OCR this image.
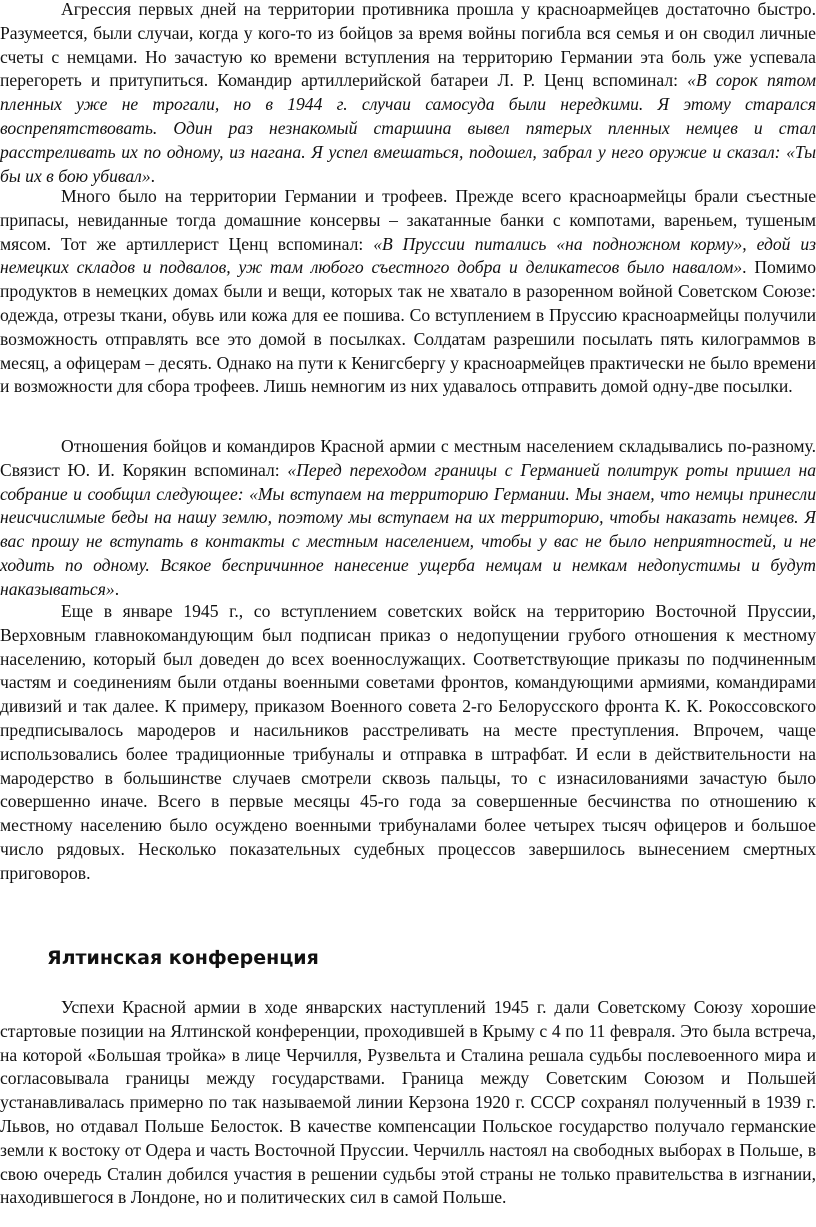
Агрессия первых дней на территории противника прошла у красноармейцев достаточно быстро. Разумеется, были случаи, когда у кого-то из бойцов за время войны погибла вся семья и он сводил личные счеты с немцами. Но зачастую ко времени вступления на территорию Германии эта боль уже успевала перегореть и притупиться. Командир артиллерийской батареи Л. Р. Ценц вспоминал: «В сорок пятом пленных уже не трогали, но в 1944 г. случаи самосуда были нередкими. Я этому старался воспрепятствовать. Один раз незнакомый старшина вывел пятерых пленных немцев и стал расстреливать их по одному, из нагана. Я успел вмешаться, подошел, забрал у него оружие и сказал: «Ты бы их в бою убивал».

Много было на территории Германии и трофеев. Прежде всего красноармейцы брали съестные припасы, невиданные тогда домашние консервы – закатанные банки с компотами, вареньем, тушеным мясом. Тот же артиллерист Ценц вспоминал: «В Пруссии питались «на подножном корму», едой из немецких складов и подвалов, уж там любого съестного добра и деликатесов было навалом». Помимо продуктов в немецких домах были и вещи, которых так не хватало в разоренном войной Советском Союзе: одежда, отрезы ткани, обувь или кожа для ее пошива. Со вступлением в Пруссию красноармейцы получили возможность отправлять все это домой в посылках. Солдатам разрешили посылать пять килограммов в месяц, а офицерам – десять. Однако на пути к Кенигсбергу у красноармейцев практически не было времени и возможности для сбора трофеев. Лишь немногим из них удавалось отправить домой одну-две посылки.

Отношения бойцов и командиров Красной армии с местным населением складывались по-разному. Связист Ю. И. Корякин вспоминал: «Перед переходом границы с Германией политрук роты пришел на собрание и сообщил следующее: «Мы вступаем на территорию Германии. Мы знаем, что немцы принесли неисчислимые беды на нашу землю, поэтому мы вступаем на их территорию, чтобы наказать немцев. Я вас прошу не вступать в контакты с местным населением, чтобы у вас не было неприятностей, и не ходить по одному. Всякое беспричинное нанесение ущерба немцам и немкам недопустимы и будут наказываться».

Еще в январе 1945 г., со вступлением советских войск на территорию Восточной Пруссии, Верховным главнокомандующим был подписан приказ о недопущении грубого отношения к местному населению, который был доведен до всех военнослужащих. Соответствующие приказы по подчиненным частям и соединениям были отданы военными советами фронтов, командующими армиями, командирами дивизий и так далее. К примеру, приказом Военного совета 2-го Белорусского фронта К. К. Рокоссовского предписывалось мародеров и насильников расстреливать на месте преступления. Впрочем, чаще использовались более традиционные трибуналы и отправка в штрафбат. И если в действительности на мародерство в большинстве случаев смотрели сквозь пальцы, то с изнасилованиями зачастую было совершенно иначе. Всего в первые месяцы 45-го года за совершенные бесчинства по отношению к местному населению было осуждено военными трибуналами более четырех тысяч офицеров и большое число рядовых. Несколько показательных судебных процессов завершилось вынесением смертных приговоров.

Ялтинская конференция

Успехи Красной армии в ходе январских наступлений 1945 г. дали Советскому Союзу хорошие стартовые позиции на Ялтинской конференции, проходившей в Крыму с 4 по 11 февраля. Это была встреча, на которой «Большая тройка» в лице Черчилля, Рузвельта и Сталина решала судьбы послевоенного мира и согласовывала границы между государствами. Граница между Советским Союзом и Польшей устанавливалась примерно по так называемой линии Керзона 1920 г. СССР сохранял полученный в 1939 г. Львов, но отдавал Польше Белосток. В качестве компенсации Польское государство получало германские земли к востоку от Одера и часть Восточной Пруссии. Черчилль настоял на свободных выборах в Польше, в свою очередь Сталин добился участия в решении судьбы этой страны не только правительства в изгнании, находившегося в Лондоне, но и политических сил в самой Польше.
